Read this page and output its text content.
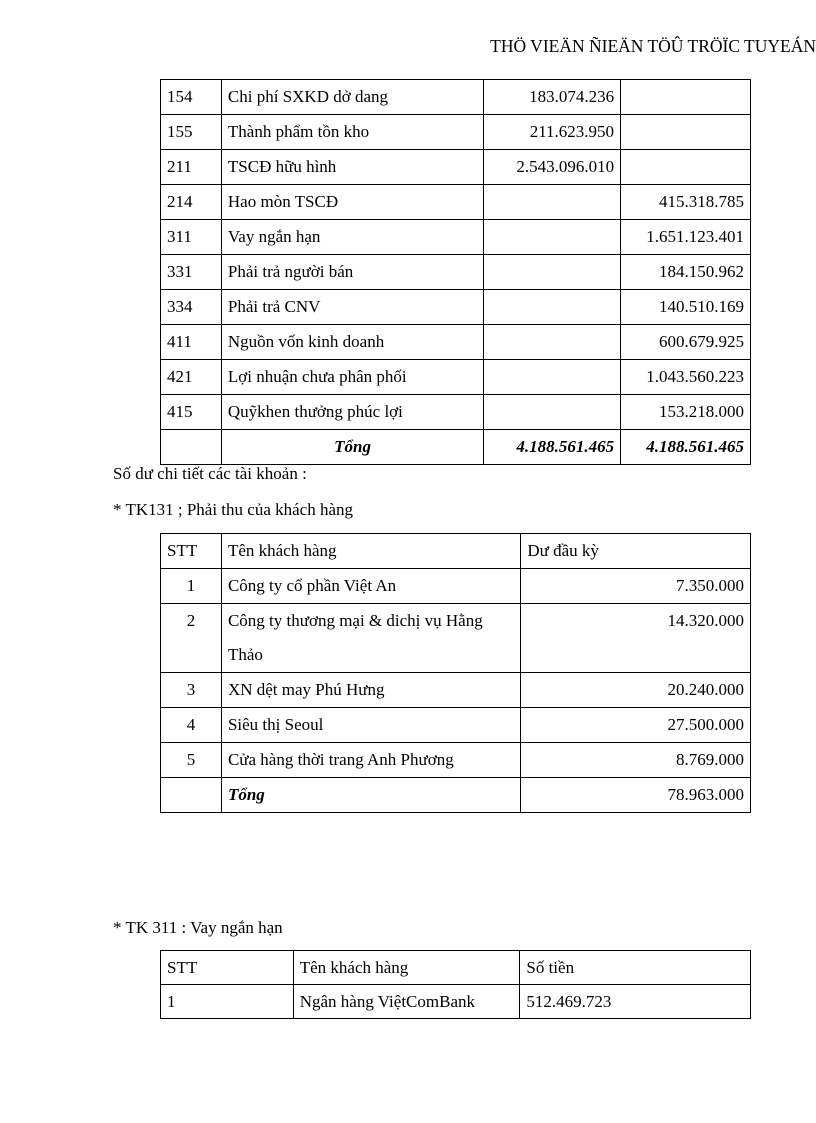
THÖ VIEÄN ÑIEÄN TÖÛ TRÖÏC TUYEÁN
154	Chi phí SXKD dở dang	183.074.236	
155	Thành phẩm tồn kho	211.623.950	
211	TSCĐ hữu hình	2.543.096.010	
214	Hao mòn TSCĐ		415.318.785
311	Vay ngắn hạn		1.651.123.401
331	Phải trả người bán		184.150.962
334	Phải trả CNV		140.510.169
411	Nguồn vốn kinh doanh		600.679.925
421	Lợi nhuận chưa phân phối		1.043.560.223
415	Quỹkhen thưởng phúc lợi		153.218.000
	Tổng	4.188.561.465	4.188.561.465
Số dư chi tiết các tài khoản :
* TK131 ; Phải thu của khách hàng
STT	Tên khách hàng	Dư đầu kỳ
1	Công ty cổ phần Việt An	7.350.000
2	Công ty thương mại & dichị vụ Hằng Thảo	14.320.000
3	XN dệt may Phú Hưng	20.240.000
4	Siêu thị Seoul	27.500.000
5	Cửa hàng thời trang Anh Phương	8.769.000
	Tổng	78.963.000
* TK 311 : Vay ngắn hạn
STT	Tên khách hàng	Số tiền
1	Ngân hàng ViệtComBank	512.469.723
